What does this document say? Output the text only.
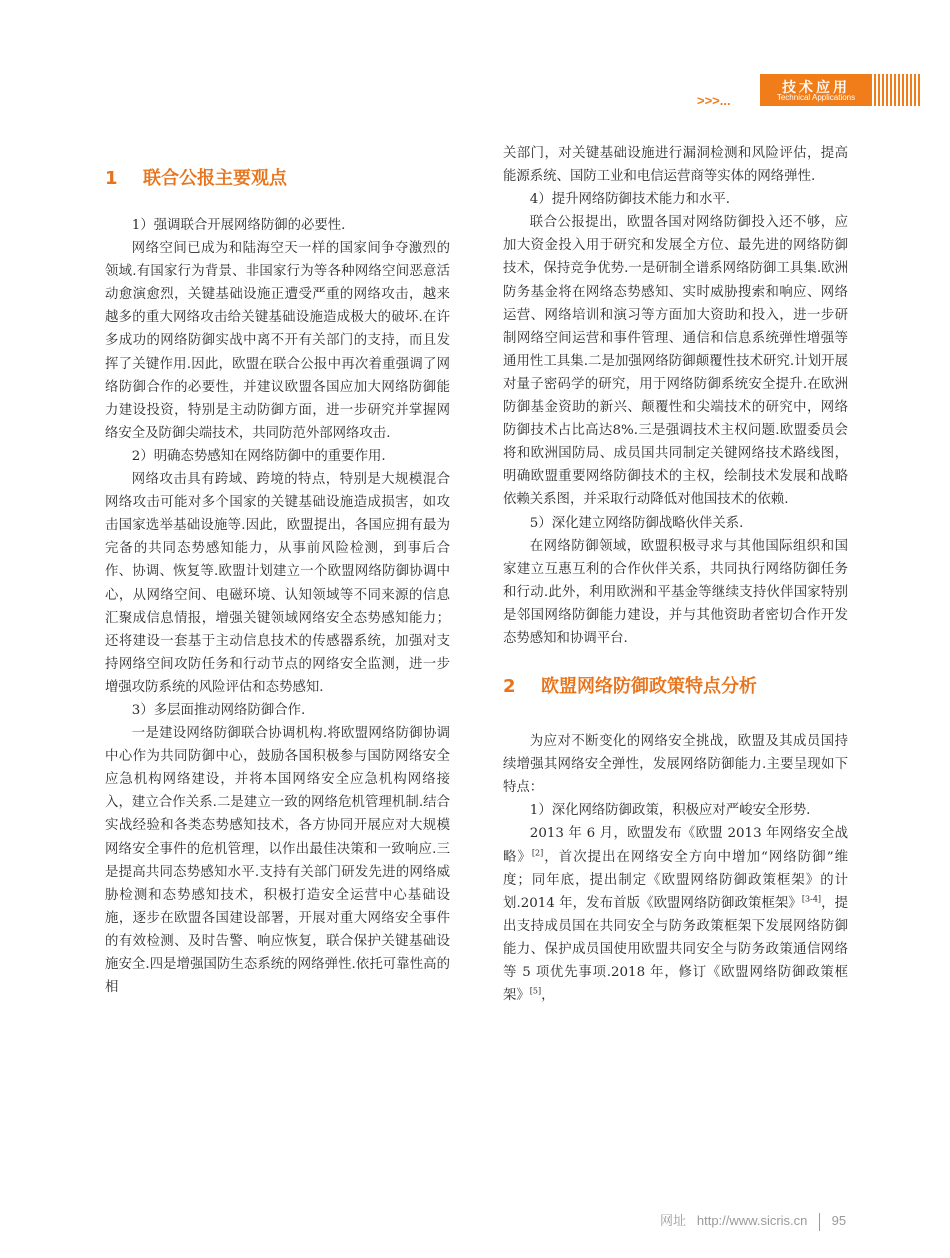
>>>...
技术应用
Technical Applications
1 联合公报主要观点

1）强调联合开展网络防御的必要性.

网络空间已成为和陆海空天一样的国家间争夺激烈的领域.有国家行为背景、非国家行为等各种网络空间恶意活动愈演愈烈，关键基础设施正遭受严重的网络攻击，越来越多的重大网络攻击给关键基础设施造成极大的破坏.在许多成功的网络防御实战中离不开有关部门的支持，而且发挥了关键作用.因此，欧盟在联合公报中再次着重强调了网络防御合作的必要性，并建议欧盟各国应加大网络防御能力建设投资，特别是主动防御方面，进一步研究并掌握网络安全及防御尖端技术，共同防范外部网络攻击.

2）明确态势感知在网络防御中的重要作用.

网络攻击具有跨域、跨境的特点，特别是大规模混合网络攻击可能对多个国家的关键基础设施造成损害，如攻击国家选举基础设施等.因此，欧盟提出，各国应拥有最为完备的共同态势感知能力，从事前风险检测，到事后合作、协调、恢复等.欧盟计划建立一个欧盟网络防御协调中心，从网络空间、电磁环境、认知领域等不同来源的信息汇聚成信息情报，增强关键领域网络安全态势感知能力；还将建设一套基于主动信息技术的传感器系统，加强对支持网络空间攻防任务和行动节点的网络安全监测，进一步增强攻防系统的风险评估和态势感知.

3）多层面推动网络防御合作.

一是建设网络防御联合协调机构.将欧盟网络防御协调中心作为共同防御中心，鼓励各国积极参与国防网络安全应急机构网络建设，并将本国网络安全应急机构网络接入，建立合作关系.二是建立一致的网络危机管理机制.结合实战经验和各类态势感知技术，各方协同开展应对大规模网络安全事件的危机管理，以作出最佳决策和一致响应.三是提高共同态势感知水平.支持有关部门研发先进的网络威胁检测和态势感知技术，积极打造安全运营中心基础设施，逐步在欧盟各国建设部署，开展对重大网络安全事件的有效检测、及时告警、响应恢复，联合保护关键基础设施安全.四是增强国防生态系统的网络弹性.依托可靠性高的相

关部门，对关键基础设施进行漏洞检测和风险评估，提高能源系统、国防工业和电信运营商等实体的网络弹性.

4）提升网络防御技术能力和水平.

联合公报提出，欧盟各国对网络防御投入还不够，应加大资金投入用于研究和发展全方位、最先进的网络防御技术，保持竞争优势.一是研制全谱系网络防御工具集.欧洲防务基金将在网络态势感知、实时威胁搜索和响应、网络运营、网络培训和演习等方面加大资助和投入，进一步研制网络空间运营和事件管理、通信和信息系统弹性增强等通用性工具集.二是加强网络防御颠覆性技术研究.计划开展对量子密码学的研究，用于网络防御系统安全提升.在欧洲防御基金资助的新兴、颠覆性和尖端技术的研究中，网络防御技术占比高达8%.三是强调技术主权问题.欧盟委员会将和欧洲国防局、成员国共同制定关键网络技术路线图，明确欧盟重要网络防御技术的主权，绘制技术发展和战略依赖关系图，并采取行动降低对他国技术的依赖.

5）深化建立网络防御战略伙伴关系.

在网络防御领域，欧盟积极寻求与其他国际组织和国家建立互惠互利的合作伙伴关系，共同执行网络防御任务和行动.此外，利用欧洲和平基金等继续支持伙伴国家特别是邻国网络防御能力建设，并与其他资助者密切合作开发态势感知和协调平台.

2 欧盟网络防御政策特点分析

为应对不断变化的网络安全挑战，欧盟及其成员国持续增强其网络安全弹性，发展网络防御能力.主要呈现如下特点：

1）深化网络防御政策，积极应对严峻安全形势.

2013 年 6 月，欧盟发布《欧盟 2013 年网络安全战略》[2]，首次提出在网络安全方向中增加“网络防御”维度；同年底，提出制定《欧盟网络防御政策框架》的计划.2014 年，发布首版《欧盟网络防御政策框架》[3-4]，提出支持成员国在共同安全与防务政策框架下发展网络防御能力、保护成员国使用欧盟共同安全与防务政策通信网络等 5 项优先事项.2018 年，修订《欧盟网络防御政策框架》[5]，

网址 http://www.sicris.cn 95
